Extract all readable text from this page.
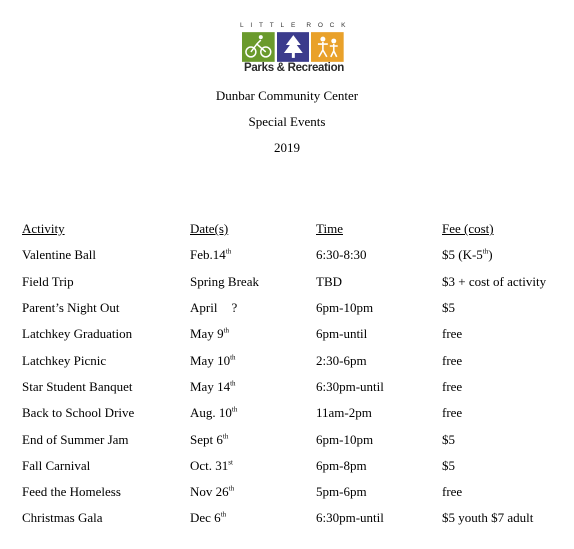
L I T T L E R O C K
Parks & Recreation
Dunbar Community Center
Special Events
2019
Activity	Date(s)	Time	Fee (cost)
Valentine Ball	Feb.14th	6:30-8:30	$5 (K-5th)
Field Trip	Spring Break	TBD	$3 + cost of activity
Parent’s Night Out	April ?	6pm-10pm	$5
Latchkey Graduation	May 9th	6pm-until	free
Latchkey Picnic	May 10th	2:30-6pm	free
Star Student Banquet	May 14th	6:30pm-until	free
Back to School Drive	Aug. 10th	11am-2pm	free
End of Summer Jam	Sept 6th	6pm-10pm	$5
Fall Carnival	Oct. 31st	6pm-8pm	$5
Feed the Homeless	Nov 26th	5pm-6pm	free
Christmas Gala	Dec 6th	6:30pm-until	$5 youth $7 adult
